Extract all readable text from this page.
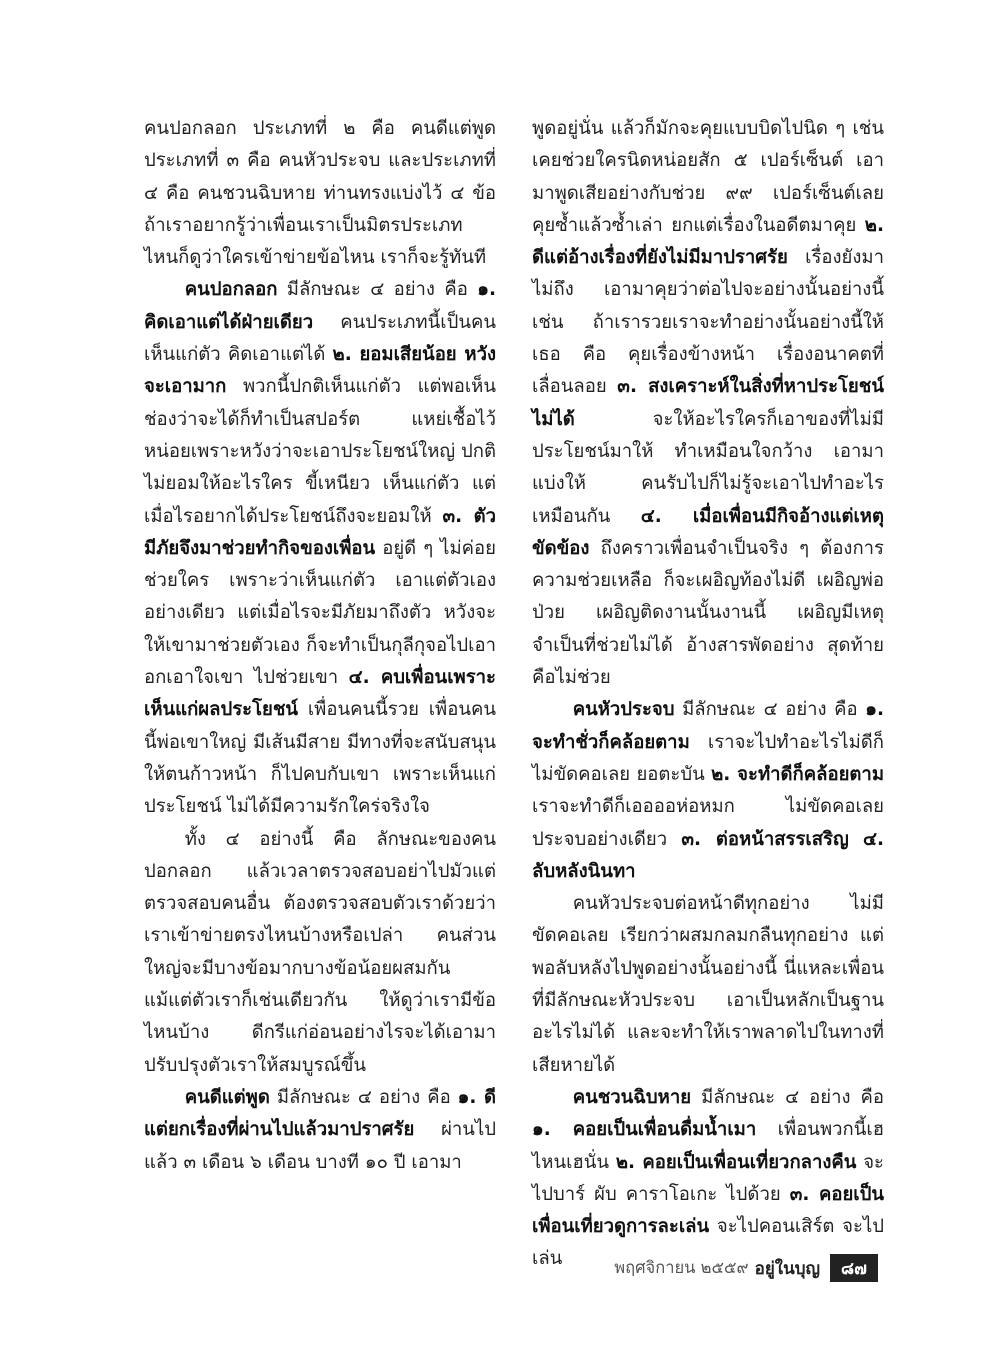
คนปอกลอก ประเภทที่ ๒ คือ คนดีแต่พูด ประเภทที่ ๓ คือ คนหัวประจบ และประเภทที่ ๔ คือ คนชวนฉิบหาย ท่านทรงแบ่งไว้ ๔ ข้อ ถ้าเราอยากรู้ว่าเพื่อนเราเป็นมิตรประเภทไหนก็ดูว่าใครเข้าข่ายข้อไหน เราก็จะรู้ทันที

คนปอกลอก มีลักษณะ ๔ อย่าง คือ ๑. คิดเอาแต่ได้ฝ่ายเดียว คนประเภทนี้เป็นคนเห็นแก่ตัว คิดเอาแต่ได้ ๒. ยอมเสียน้อย หวังจะเอามาก พวกนี้ปกติเห็นแก่ตัว แต่พอเห็นช่องว่าจะได้ก็ทำเป็นสปอร์ต แหย่เชื้อไว้หน่อยเพราะหวังว่าจะเอาประโยชน์ใหญ่ ปกติไม่ยอมให้อะไรใคร ขี้เหนียว เห็นแก่ตัว แต่เมื่อไรอยากได้ประโยชน์ถึงจะยอมให้ ๓. ตัวมีภัยจึงมาช่วยทำกิจของเพื่อน อยู่ดี ๆ ไม่ค่อยช่วยใคร เพราะว่าเห็นแก่ตัว เอาแต่ตัวเองอย่างเดียว แต่เมื่อไรจะมีภัยมาถึงตัว หวังจะให้เขามาช่วยตัวเอง ก็จะทำเป็นกุลีกุจอไปเอาอกเอาใจเขา ไปช่วยเขา ๔. คบเพื่อนเพราะเห็นแก่ผลประโยชน์ เพื่อนคนนี้รวย เพื่อนคนนี้พ่อเขาใหญ่ มีเส้นมีสาย มีทางที่จะสนับสนุนให้ตนก้าวหน้า ก็ไปคบกับเขา เพราะเห็นแก่ประโยชน์ ไม่ได้มีความรักใคร่จริงใจ

ทั้ง ๔ อย่างนี้ คือ ลักษณะของคนปอกลอก แล้วเวลาตรวจสอบอย่าไปมัวแต่ตรวจสอบคนอื่น ต้องตรวจสอบตัวเราด้วยว่าเราเข้าข่ายตรงไหนบ้างหรือเปล่า คนส่วนใหญ่จะมีบางข้อมากบางข้อน้อยผสมกัน แม้แต่ตัวเราก็เช่นเดียวกัน ให้ดูว่าเรามีข้อไหนบ้าง ดีกรีแก่อ่อนอย่างไรจะได้เอามาปรับปรุงตัวเราให้สมบูรณ์ขึ้น

คนดีแต่พูด มีลักษณะ ๔ อย่าง คือ ๑. ดีแต่ยกเรื่องที่ผ่านไปแล้วมาปราศรัย ผ่านไปแล้ว ๓ เดือน ๖ เดือน บางที ๑๐ ปี เอามา

พูดอยู่นั่น แล้วก็มักจะคุยแบบบิดไปนิด ๆ เช่น เคยช่วยใครนิดหน่อยสัก ๕ เปอร์เซ็นต์ เอามาพูดเสียอย่างกับช่วย ๙๙ เปอร์เซ็นต์เลย คุยซ้ำแล้วซ้ำเล่า ยกแต่เรื่องในอดีตมาคุย ๒. ดีแต่อ้างเรื่องที่ยังไม่มีมาปราศรัย เรื่องยังมาไม่ถึง เอามาคุยว่าต่อไปจะอย่างนั้นอย่างนี้ เช่น ถ้าเรารวยเราจะทำอย่างนั้นอย่างนี้ให้เธอ คือ คุยเรื่องข้างหน้า เรื่องอนาคตที่เลื่อนลอย ๓. สงเคราะห์ในสิ่งที่หาประโยชน์ไม่ได้ จะให้อะไรใครก็เอาของที่ไม่มีประโยชน์มาให้ ทำเหมือนใจกว้าง เอามาแบ่งให้ คนรับไปก็ไม่รู้จะเอาไปทำอะไรเหมือนกัน ๔. เมื่อเพื่อนมีกิจอ้างแต่เหตุขัดข้อง ถึงคราวเพื่อนจำเป็นจริง ๆ ต้องการความช่วยเหลือ ก็จะเผอิญท้องไม่ดี เผอิญพ่อป่วย เผอิญติดงานนั้นงานนี้ เผอิญมีเหตุจำเป็นที่ช่วยไม่ได้ อ้างสารพัดอย่าง สุดท้ายคือไม่ช่วย

คนหัวประจบ มีลักษณะ ๔ อย่าง คือ ๑. จะทำชั่วก็คล้อยตาม เราจะไปทำอะไรไม่ดีก็ไม่ขัดคอเลย ยอตะบัน ๒. จะทำดีก็คล้อยตาม เราจะทำดีก็เออออห่อหมก ไม่ขัดคอเลย ประจบอย่างเดียว ๓. ต่อหน้าสรรเสริญ ๔. ลับหลังนินทา

คนหัวประจบต่อหน้าดีทุกอย่าง ไม่มีขัดคอเลย เรียกว่าผสมกลมกลืนทุกอย่าง แต่พอลับหลังไปพูดอย่างนั้นอย่างนี้ นี่แหละเพื่อนที่มีลักษณะหัวประจบ เอาเป็นหลักเป็นฐานอะไรไม่ได้ และจะทำให้เราพลาดไปในทางที่เสียหายได้

คนชวนฉิบหาย มีลักษณะ ๔ อย่าง คือ ๑. คอยเป็นเพื่อนดื่มน้ำเมา เพื่อนพวกนี้เฮไหนเฮนั่น ๒. คอยเป็นเพื่อนเที่ยวกลางคืน จะไปบาร์ ผับ คาราโอเกะ ไปด้วย ๓. คอยเป็นเพื่อนเที่ยวดูการละเล่น จะไปคอนเสิร์ต จะไปเล่น	พฤศจิกายน ๒๕๕๙ อยู่ในบุญ	๘๗
